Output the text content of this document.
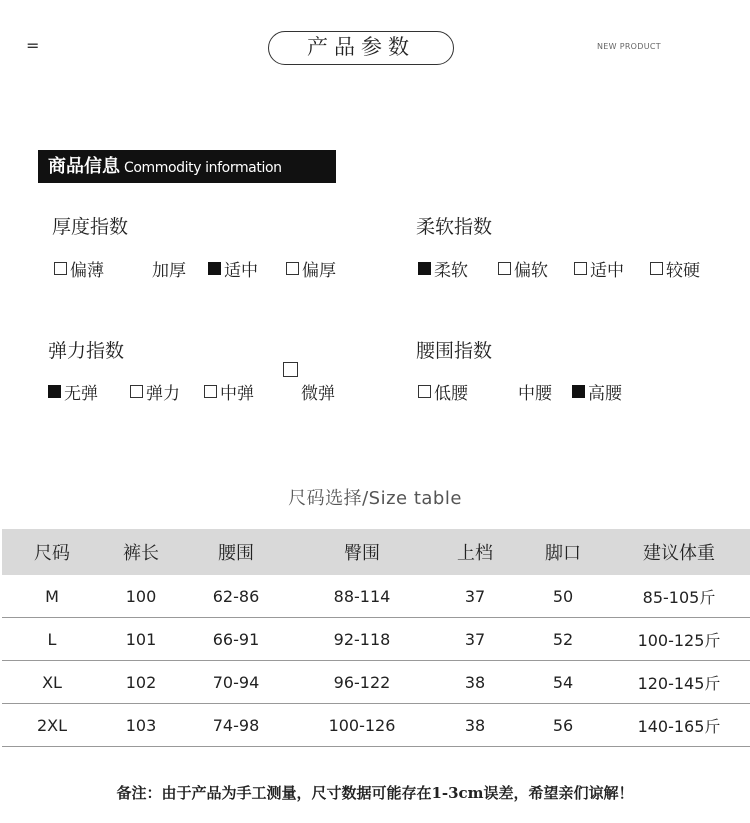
=	产品参数	NEW PRODUCT
商品信息 Commodity information
厚度指数
偏薄	加厚 适中	偏厚
柔软指数
柔软	偏软 适中 较硬
弹力指数
无弹	弹力 中弹	微弹
腰围指数
低腰	中腰 高腰
尺码选择/Size table
尺码	裤长	腰围	臀围	上档	脚口	建议体重
M	100	62-86	88-114	37	50	85-105斤
L	101	66-91	92-118	37	52	100-125斤
XL	102	70-94	96-122	38	54	120-145斤
2XL	103	74-98	100-126	38	56	140-165斤
备注：由于产品为手工测量，尺寸数据可能存在1-3cm误差，希望亲们谅解！
